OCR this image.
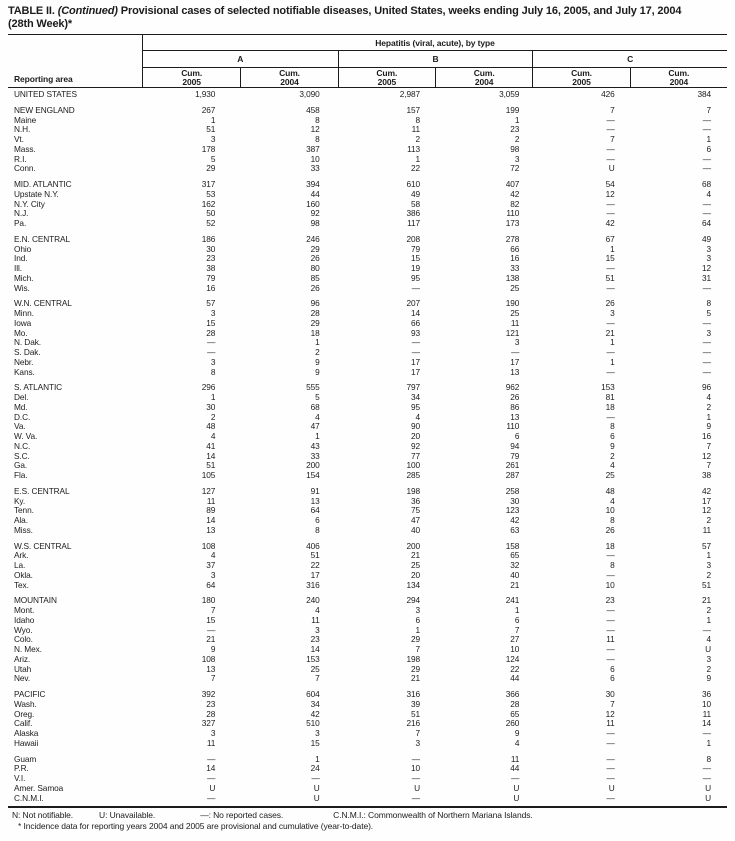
TABLE II. (Continued) Provisional cases of selected notifiable diseases, United States, weeks ending July 16, 2005, and July 17, 2004
(28th Week)*
Reporting area
Hepatitis (viral, acute), by type
A	B	C
Cum.
2005
Cum.
2004
Cum.
2005
Cum.
2004
Cum.
2005
Cum.
2004
UNITED STATES	1,930	3,090	2,987	3,059	426	384
NEW ENGLAND	267	458	157	199	7	7
Maine	1	8	8	1	—	—
N.H.	51	12	11	23	—	—
Vt.	3	8	2	2	7	1
Mass.	178	387	113	98	—	6
R.I.	5	10	1	3	—	—
Conn.	29	33	22	72	U	—
MID. ATLANTIC	317	394	610	407	54	68
Upstate N.Y.	53	44	49	42	12	4
N.Y. City	162	160	58	82	—	—
N.J.	50	92	386	110	—	—
Pa.	52	98	117	173	42	64
E.N. CENTRAL	186	246	208	278	67	49
Ohio	30	29	79	66	1	3
Ind.	23	26	15	16	15	3
Ill.	38	80	19	33	—	12
Mich.	79	85	95	138	51	31
Wis.	16	26	—	25	—	—
W.N. CENTRAL	57	96	207	190	26	8
Minn.	3	28	14	25	3	5
Iowa	15	29	66	11	—	—
Mo.	28	18	93	121	21	3
N. Dak.	—	1	—	3	1	—
S. Dak.	—	2	—	—	—	—
Nebr.	3	9	17	17	1	—
Kans.	8	9	17	13	—	—
S. ATLANTIC	296	555	797	962	153	96
Del.	1	5	34	26	81	4
Md.	30	68	95	86	18	2
D.C.	2	4	4	13	—	1
Va.	48	47	90	110	8	9
W. Va.	4	1	20	6	6	16
N.C.	41	43	92	94	9	7
S.C.	14	33	77	79	2	12
Ga.	51	200	100	261	4	7
Fla.	105	154	285	287	25	38
E.S. CENTRAL	127	91	198	258	48	42
Ky.	11	13	36	30	4	17
Tenn.	89	64	75	123	10	12
Ala.	14	6	47	42	8	2
Miss.	13	8	40	63	26	11
W.S. CENTRAL	108	406	200	158	18	57
Ark.	4	51	21	65	—	1
La.	37	22	25	32	8	3
Okla.	3	17	20	40	—	2
Tex.	64	316	134	21	10	51
MOUNTAIN	180	240	294	241	23	21
Mont.	7	4	3	1	—	2
Idaho	15	11	6	6	—	1
Wyo.	—	3	1	7	—	—
Colo.	21	23	29	27	11	4
N. Mex.	9	14	7	10	—	U
Ariz.	108	153	198	124	—	3
Utah	13	25	29	22	6	2
Nev.	7	7	21	44	6	9
PACIFIC	392	604	316	366	30	36
Wash.	23	34	39	28	7	10
Oreg.	28	42	51	65	12	11
Calif.	327	510	216	260	11	14
Alaska	3	3	7	9	—	—
Hawaii	11	15	3	4	—	1
Guam	—	1	—	11	—	8
P.R.	14	24	10	44	—	—
V.I.	—	—	—	—	—	—
Amer. Samoa	U	U	U	U	U	U
C.N.M.I.	—	U	—	U	—	U
N: Not notifiable.	U: Unavailable.	—: No reported cases.	C.N.M.I.: Commonwealth of Northern Mariana Islands.
* Incidence data for reporting years 2004 and 2005 are provisional and cumulative (year-to-date).
